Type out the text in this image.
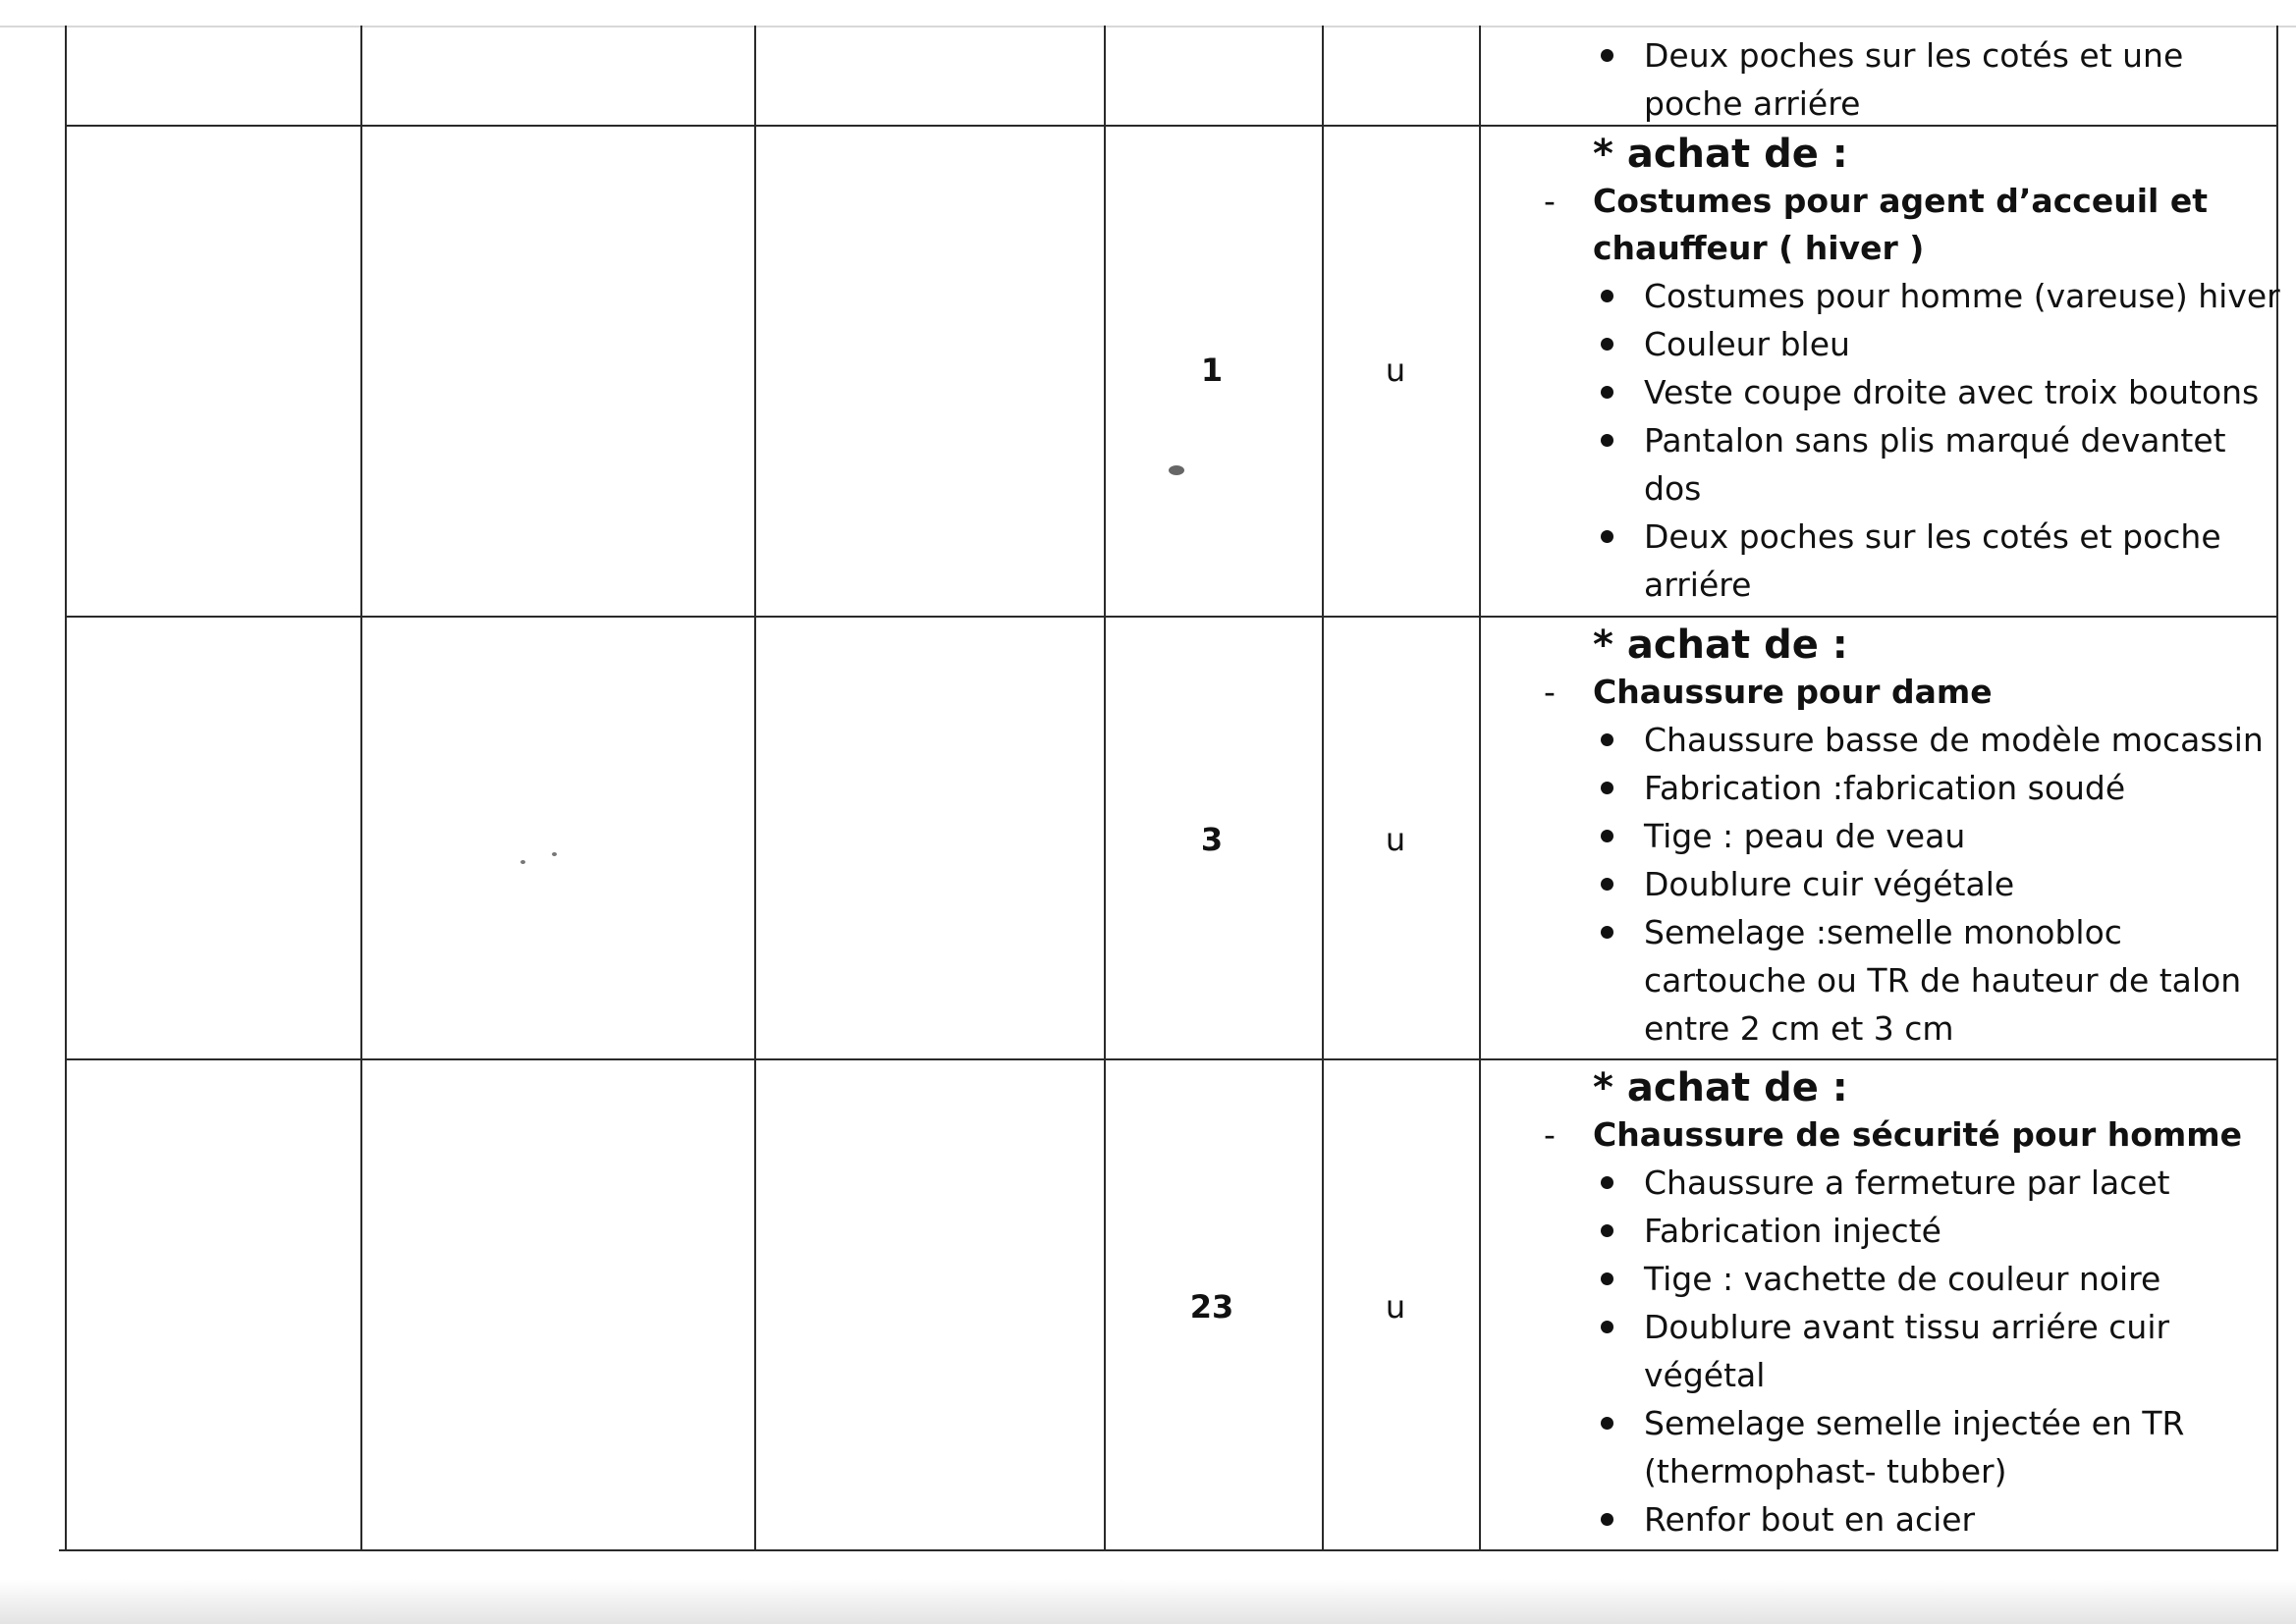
Deux poches sur les cotés et une poche arriére
1	u
* achat de :
- Costumes pour agent d’acceuil et chauffeur ( hiver )
Costumes pour homme (vareuse) hiver
Couleur bleu
Veste coupe droite avec troix boutons
Pantalon sans plis marqué devantet dos
Deux poches sur les cotés et poche arriére
3	u
* achat de :
- Chaussure pour dame
Chaussure basse de modèle mocassin
Fabrication :fabrication soudé
Tige : peau de veau
Doublure cuir végétale
Semelage :semelle monobloc cartouche ou TR de hauteur de talon entre 2 cm et 3 cm
23	u
* achat de :
- Chaussure de sécurité pour homme
Chaussure a fermeture par lacet
Fabrication injecté
Tige : vachette de couleur noire
Doublure avant tissu arriére cuir végétal
Semelage semelle injectée en TR (thermophast- tubber)
Renfor bout en acier
